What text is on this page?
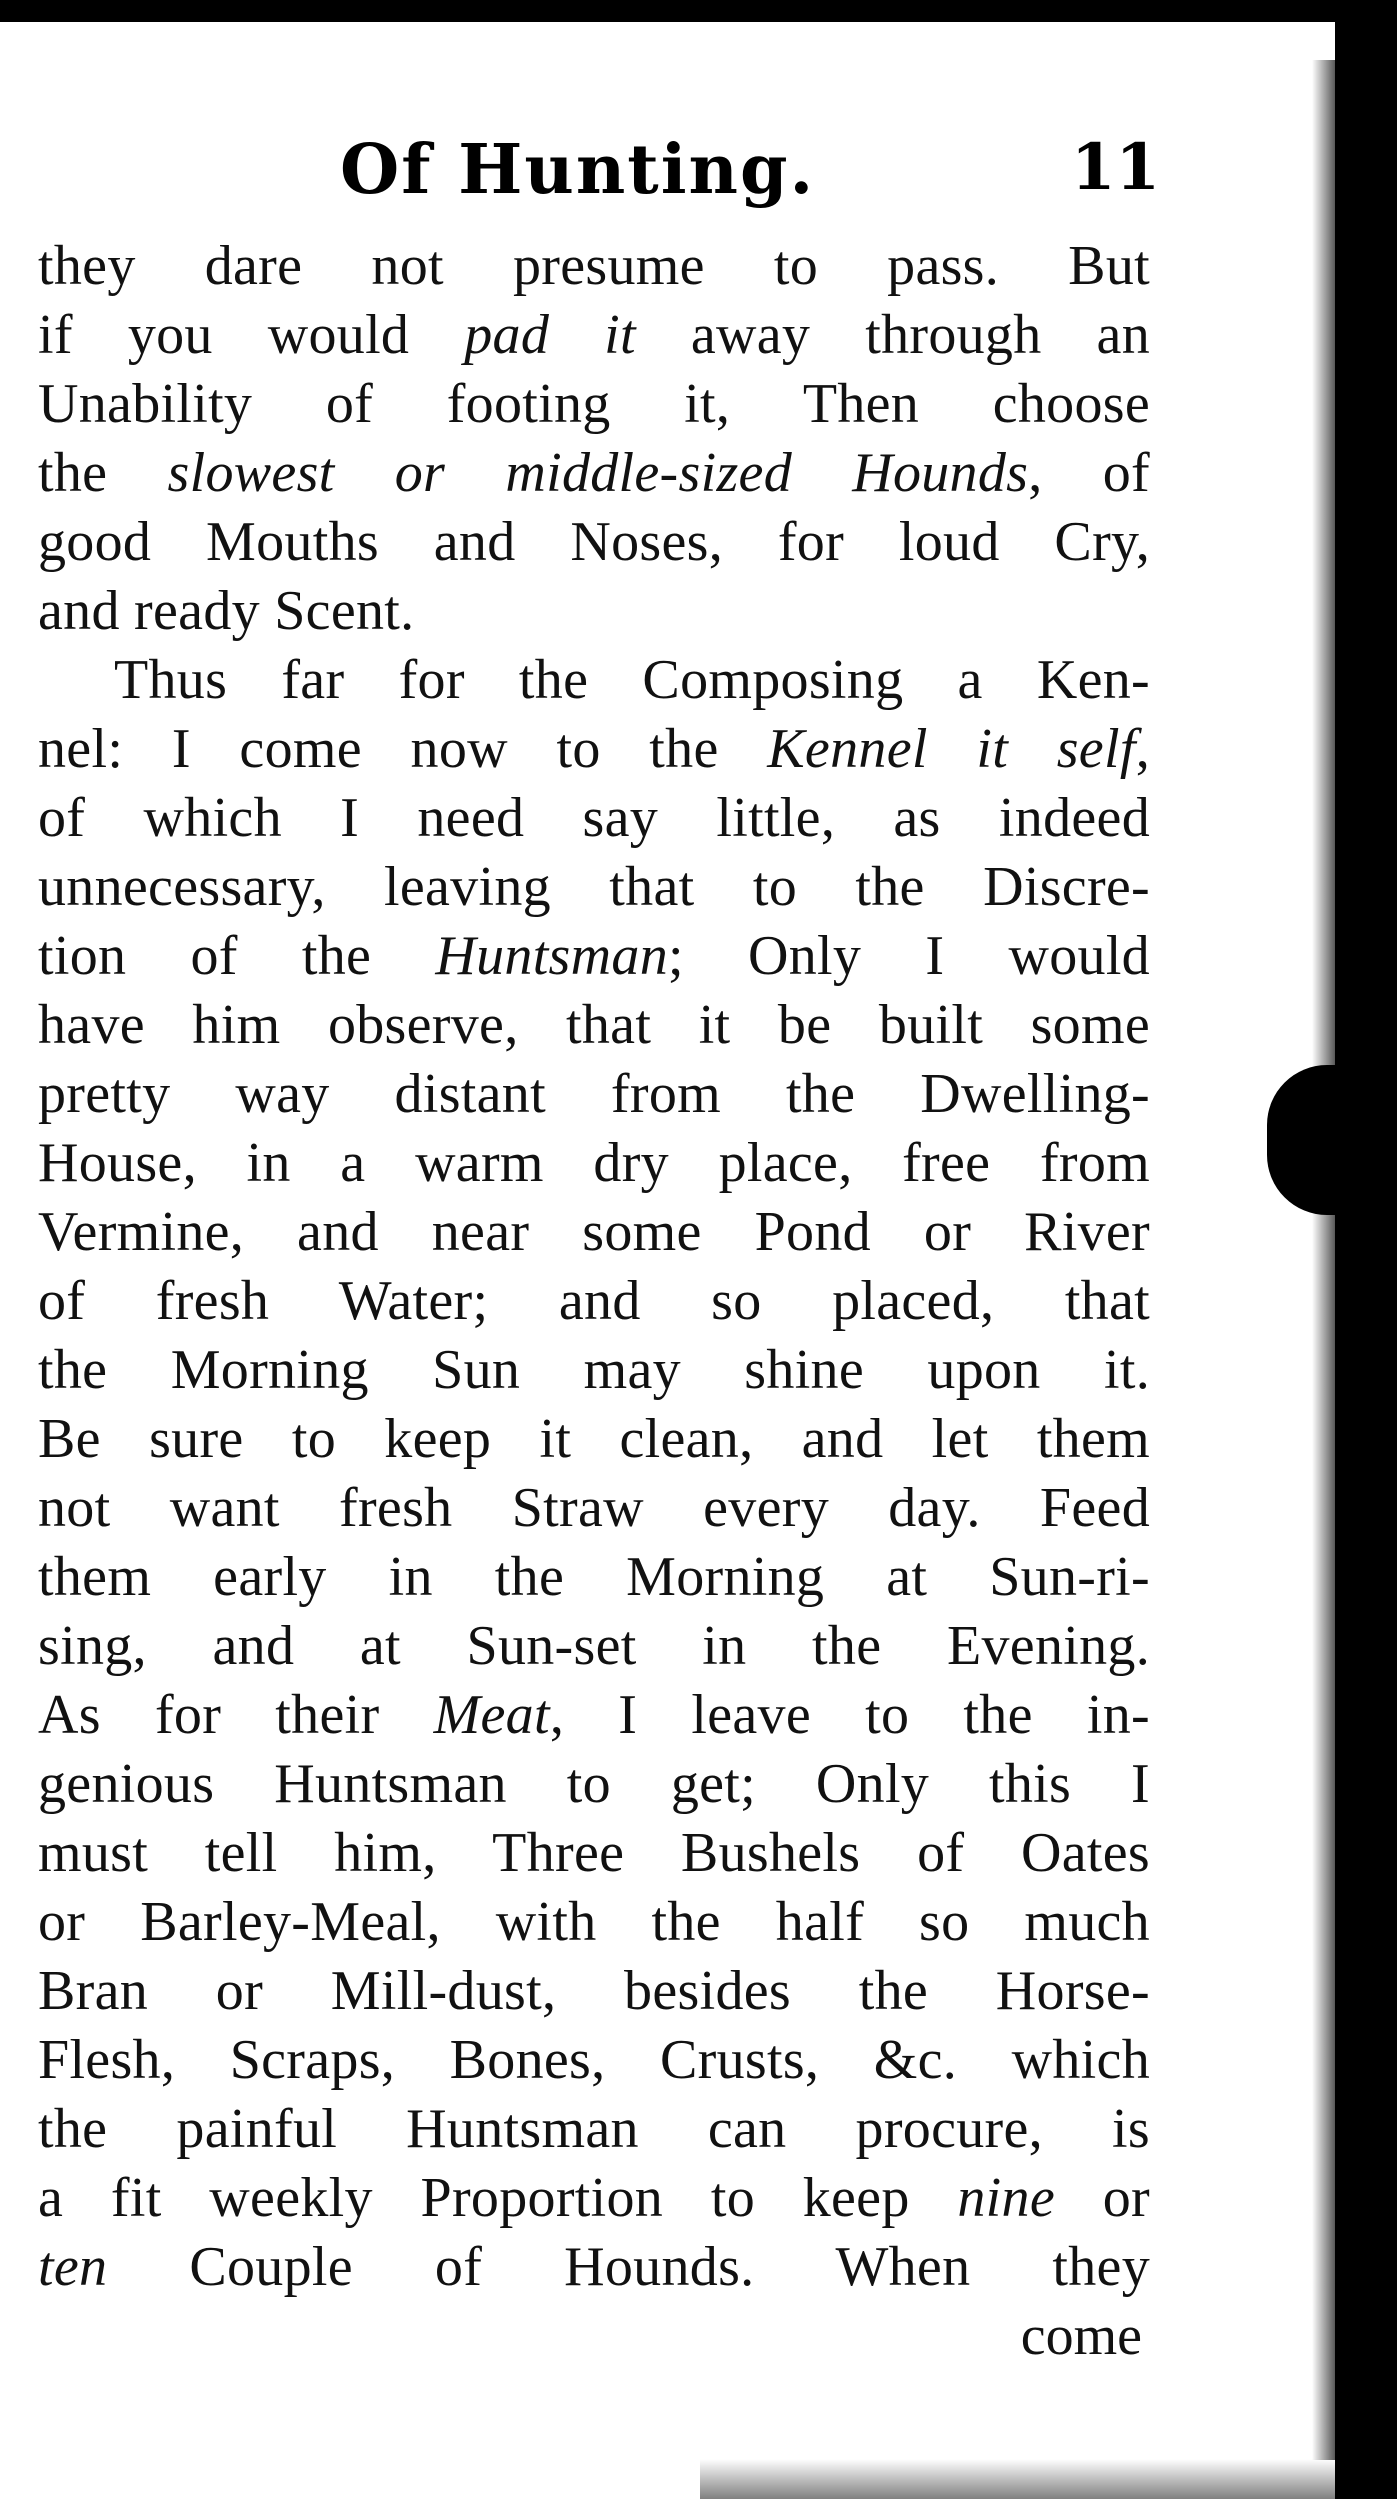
Of Hunting.	11
they dare not presume to pass. But
if you would pad it away through an
Unability of footing it, Then choose
the slowest or middle-sized Hounds, of
good Mouths and Noses, for loud Cry,
and ready Scent.
Thus far for the Composing a Ken-
nel: I come now to the Kennel it self,
of which I need say little, as indeed
unnecessary, leaving that to the Discre-
tion of the Huntsman; Only I would
have him observe, that it be built some
pretty way distant from the Dwelling-
House, in a warm dry place, free from
Vermine, and near some Pond or River
of fresh Water; and so placed, that
the Morning Sun may shine upon it.
Be sure to keep it clean, and let them
not want fresh Straw every day. Feed
them early in the Morning at Sun-ri-
sing, and at Sun-set in the Evening.
As for their Meat, I leave to the in-
genious Huntsman to get; Only this I
must tell him, Three Bushels of Oates
or Barley-Meal, with the half so much
Bran or Mill-dust, besides the Horse-
Flesh, Scraps, Bones, Crusts, &c. which
the painful Huntsman can procure, is
a fit weekly Proportion to keep nine or
ten Couple of Hounds. When they
come
